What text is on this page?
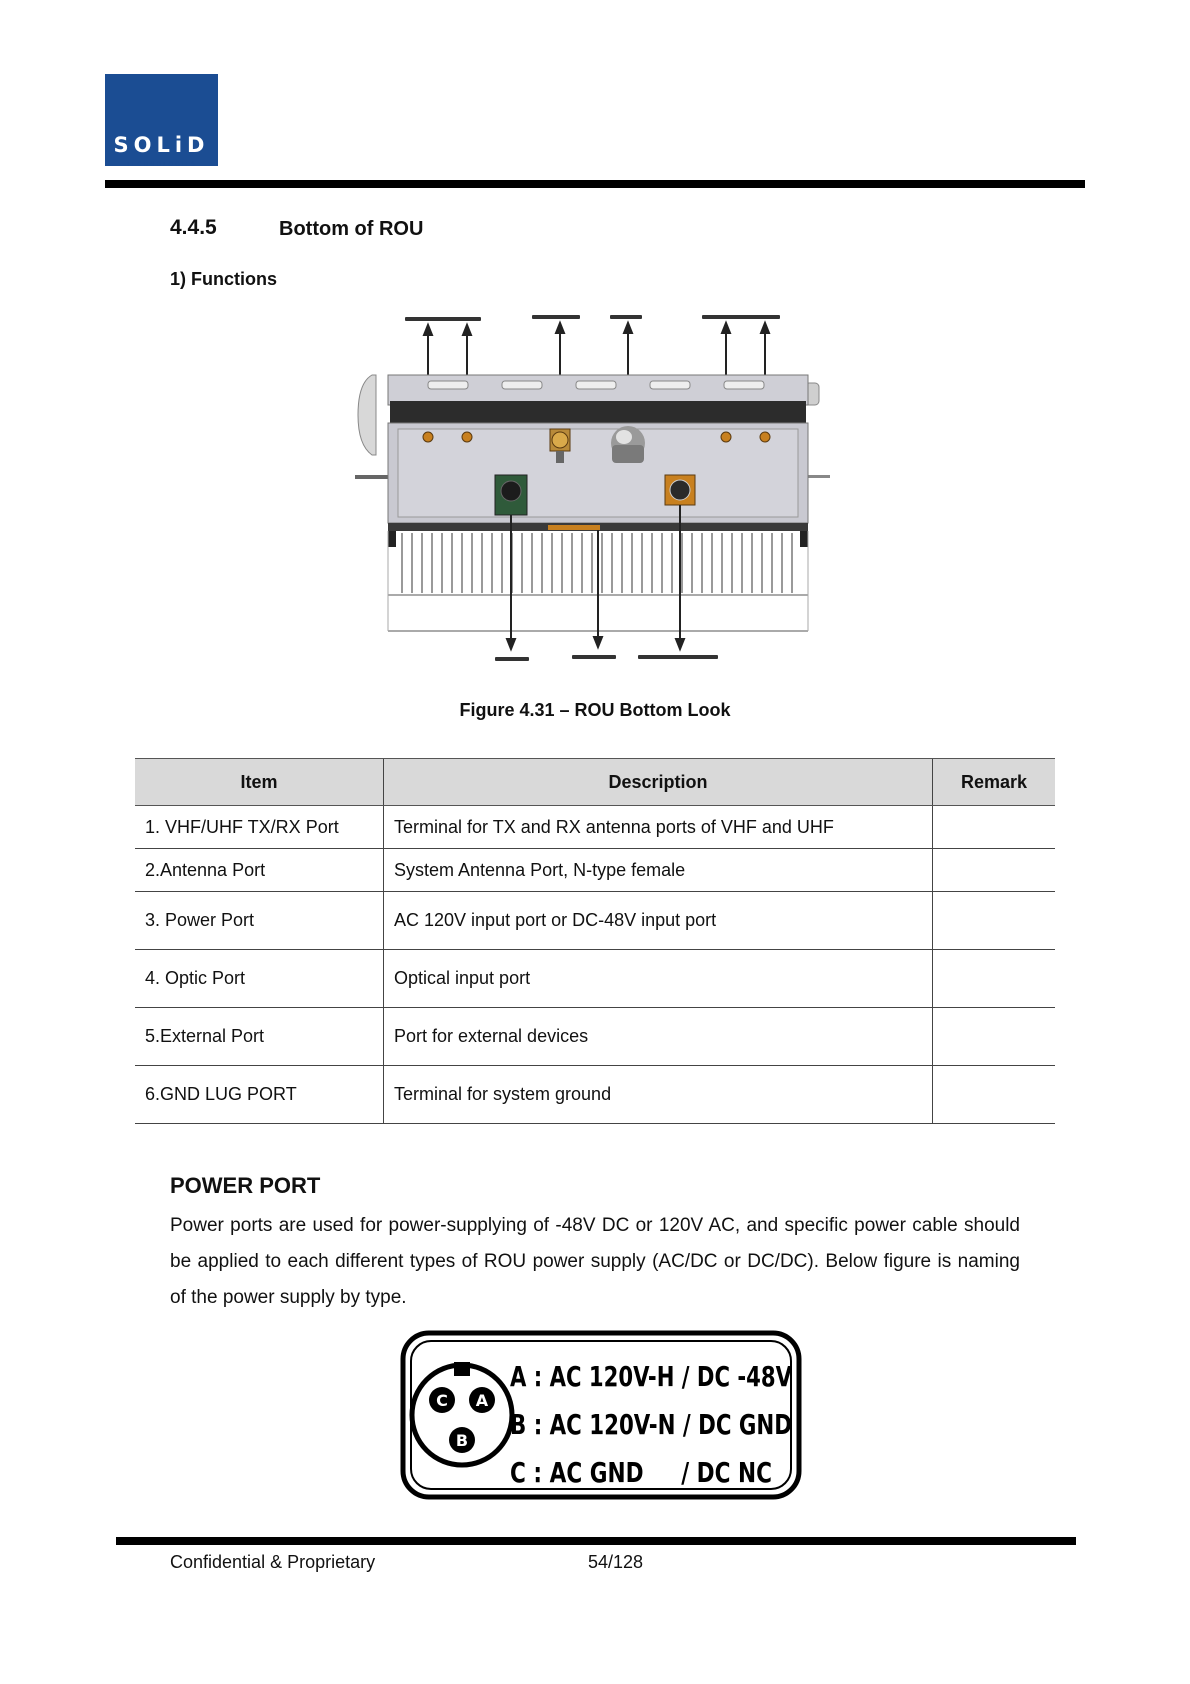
SOLiD
TECHNOLOGIES
4.4.5	Bottom of ROU
1) Functions
Figure 4.31 – ROU Bottom Look
Item	Description	Remark
1. VHF/UHF TX/RX Port	Terminal for TX and RX antenna ports of VHF and UHF	
2.Antenna Port	System Antenna Port, N-type female	
3. Power Port	AC 120V input port or DC-48V input port	
4. Optic Port	Optical input port	
5.External Port	Port for external devices	
6.GND LUG PORT	Terminal for system ground	
POWER PORT
Power ports are used for power-supplying of -48V DC or 120V AC, and specific power cable should be applied to each different types of ROU power supply (AC/DC or DC/DC). Below figure is naming of the power supply by type.
A
C
B
A : AC 120V-H / DC -48V
B : AC 120V-N / DC GND
C : AC GND     / DC NC
Confidential & Proprietary	54/128
